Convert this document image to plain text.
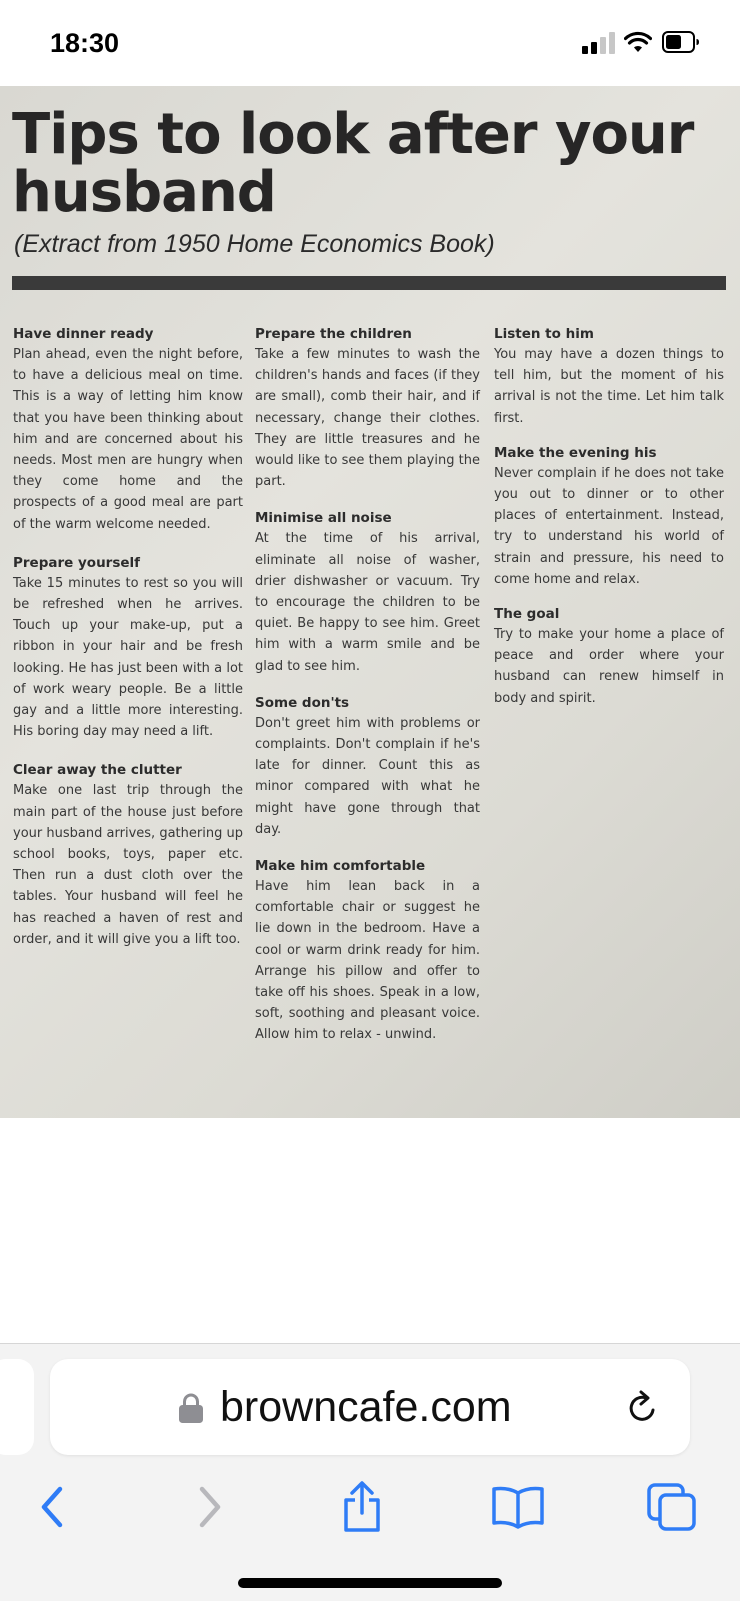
18:30
Tips to look after your husband

(Extract from 1950 Home Economics Book)

Have dinner ready

Plan ahead, even the night before, to have a delicious meal on time. This is a way of letting him know that you have been thinking about him and are concerned about his needs. Most men are hungry when they come home and the prospects of a good meal are part of the warm welcome needed.

Prepare yourself

Take 15 minutes to rest so you will be refreshed when he arrives. Touch up your make-up, put a ribbon in your hair and be fresh looking. He has just been with a lot of work weary people. Be a little gay and a little more interesting. His boring day may need a lift.

Clear away the clutter

Make one last trip through the main part of the house just before your husband arrives, gathering up school books, toys, paper etc. Then run a dust cloth over the tables. Your husband will feel he has reached a haven of rest and order, and it will give you a lift too.

Prepare the children

Take a few minutes to wash the children's hands and faces (if they are small), comb their hair, and if necessary, change their clothes. They are little treasures and he would like to see them playing the part.

Minimise all noise

At the time of his arrival, eliminate all noise of washer, drier dishwasher or vacuum. Try to encourage the children to be quiet. Be happy to see him. Greet him with a warm smile and be glad to see him.

Some don'ts

Don't greet him with problems or complaints. Don't complain if he's late for dinner. Count this as minor compared with what he might have gone through that day.

Make him comfortable

Have him lean back in a comfortable chair or suggest he lie down in the bedroom. Have a cool or warm drink ready for him. Arrange his pillow and offer to take off his shoes. Speak in a low, soft, soothing and pleasant voice. Allow him to relax - unwind.

Listen to him

You may have a dozen things to tell him, but the moment of his arrival is not the time. Let him talk first.

Make the evening his

Never complain if he does not take you out to dinner or to other places of entertainment. Instead, try to understand his world of strain and pressure, his need to come home and relax.

The goal

Try to make your home a place of peace and order where your husband can renew himself in body and spirit.

browncafe.com
